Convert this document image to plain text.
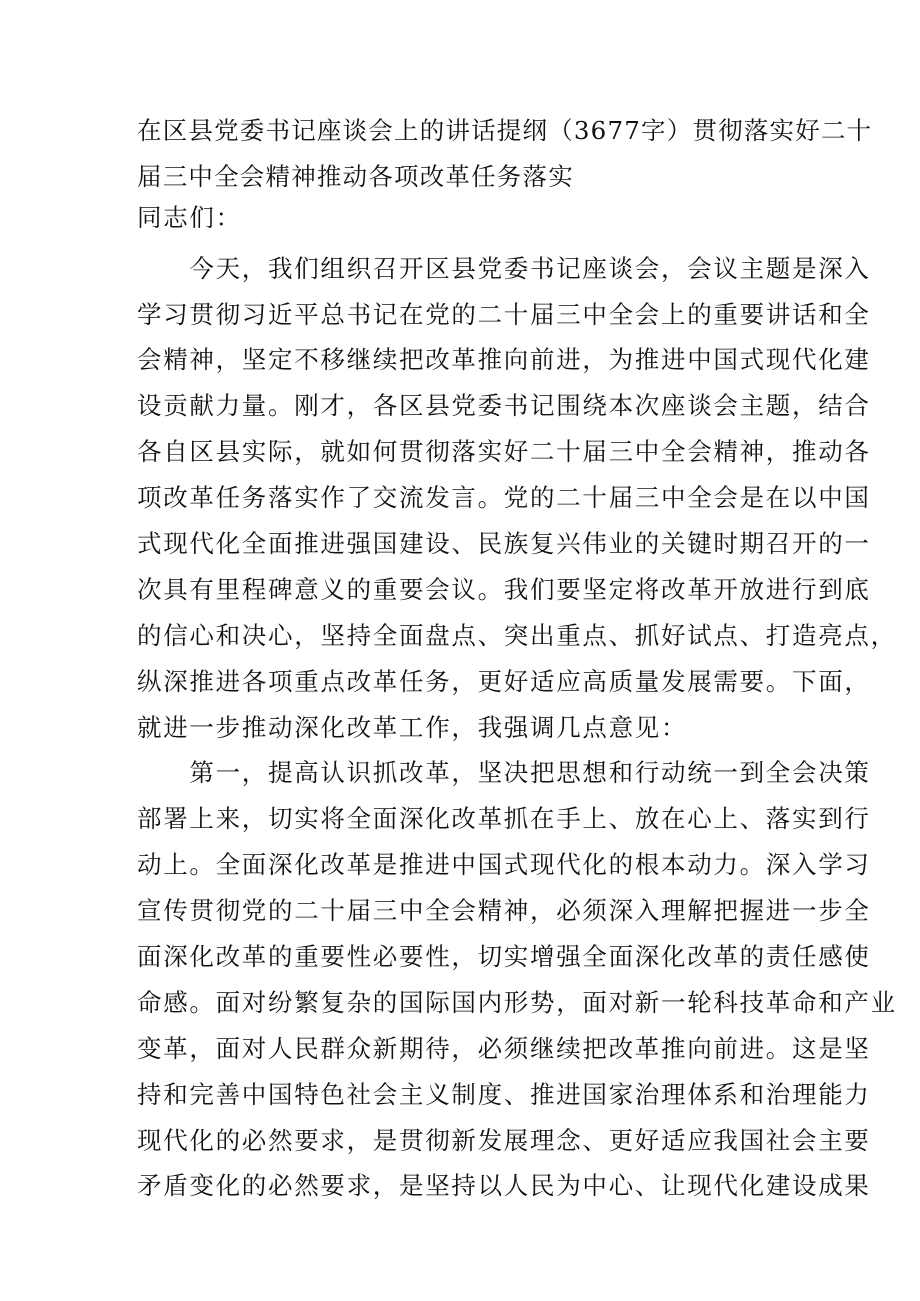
在区县党委书记座谈会上的讲话提纲（3677字）贯彻落实好二十
届三中全会精神推动各项改革任务落实
同志们：
　　今天，我们组织召开区县党委书记座谈会，会议主题是深入
学习贯彻习近平总书记在党的二十届三中全会上的重要讲话和全
会精神，坚定不移继续把改革推向前进，为推进中国式现代化建
设贡献力量。刚才，各区县党委书记围绕本次座谈会主题，结合
各自区县实际，就如何贯彻落实好二十届三中全会精神，推动各
项改革任务落实作了交流发言。党的二十届三中全会是在以中国
式现代化全面推进强国建设、民族复兴伟业的关键时期召开的一
次具有里程碑意义的重要会议。我们要坚定将改革开放进行到底
的信心和决心，坚持全面盘点、突出重点、抓好试点、打造亮点，
纵深推进各项重点改革任务，更好适应高质量发展需要。下面，
就进一步推动深化改革工作，我强调几点意见：
　　第一，提高认识抓改革，坚决把思想和行动统一到全会决策
部署上来，切实将全面深化改革抓在手上、放在心上、落实到行
动上。全面深化改革是推进中国式现代化的根本动力。深入学习
宣传贯彻党的二十届三中全会精神，必须深入理解把握进一步全
面深化改革的重要性必要性，切实增强全面深化改革的责任感使
命感。面对纷繁复杂的国际国内形势，面对新一轮科技革命和产业
变革，面对人民群众新期待，必须继续把改革推向前进。这是坚
持和完善中国特色社会主义制度、推进国家治理体系和治理能力
现代化的必然要求，是贯彻新发展理念、更好适应我国社会主要
矛盾变化的必然要求，是坚持以人民为中心、让现代化建设成果
